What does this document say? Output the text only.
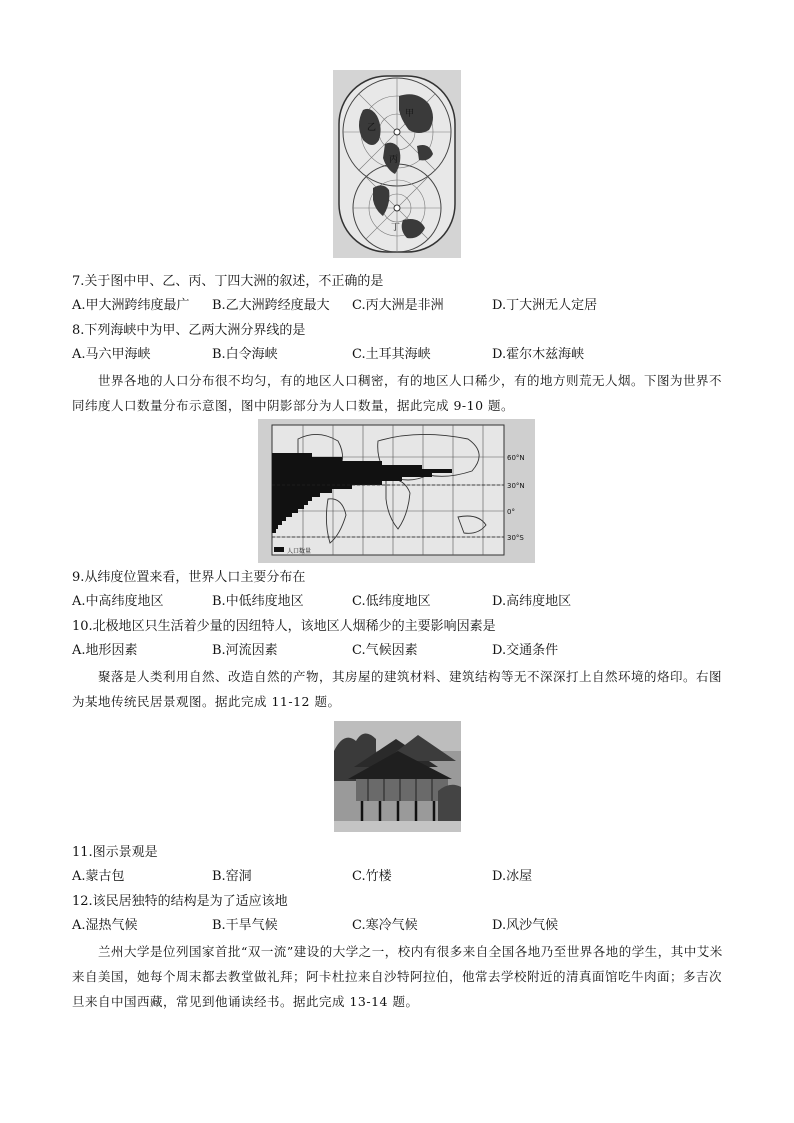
甲
乙
丙
丁
7.关于图中甲、乙、丙、丁四大洲的叙述，不正确的是
A.甲大洲跨纬度最广 B.乙大洲跨经度最大 C.丙大洲是非洲	D.丁大洲无人定居
8.下列海峡中为甲、乙两大洲分界线的是
A.马六甲海峡	B.白令海峡	C.土耳其海峡	D.霍尔木兹海峡
世界各地的人口分布很不均匀，有的地区人口稠密，有的地区人口稀少，有的地方则荒无人烟。下图为世界不同纬度人口数量分布示意图，图中阴影部分为人口数量，据此完成 9-10 题。
人口数量
60°N
30°N
0°
30°S
9.从纬度位置来看，世界人口主要分布在
A.中高纬度地区	B.中低纬度地区	C.低纬度地区	D.高纬度地区
10.北极地区只生活着少量的因纽特人，该地区人烟稀少的主要影响因素是
A.地形因素	B.河流因素	C.气候因素	D.交通条件
聚落是人类利用自然、改造自然的产物，其房屋的建筑材料、建筑结构等无不深深打上自然环境的烙印。右图为某地传统民居景观图。据此完成 11-12 题。
11.图示景观是
A.蒙古包	B.窑洞	C.竹楼	D.冰屋
12.该民居独特的结构是为了适应该地
A.湿热气候	B.干旱气候	C.寒冷气候	D.风沙气候
兰州大学是位列国家首批“双一流”建设的大学之一，校内有很多来自全国各地乃至世界各地的学生，其中艾米来自美国，她每个周末都去教堂做礼拜；阿卡杜拉来自沙特阿拉伯，他常去学校附近的清真面馆吃牛肉面；多吉次旦来自中国西藏，常见到他诵读经书。据此完成 13-14 题。
